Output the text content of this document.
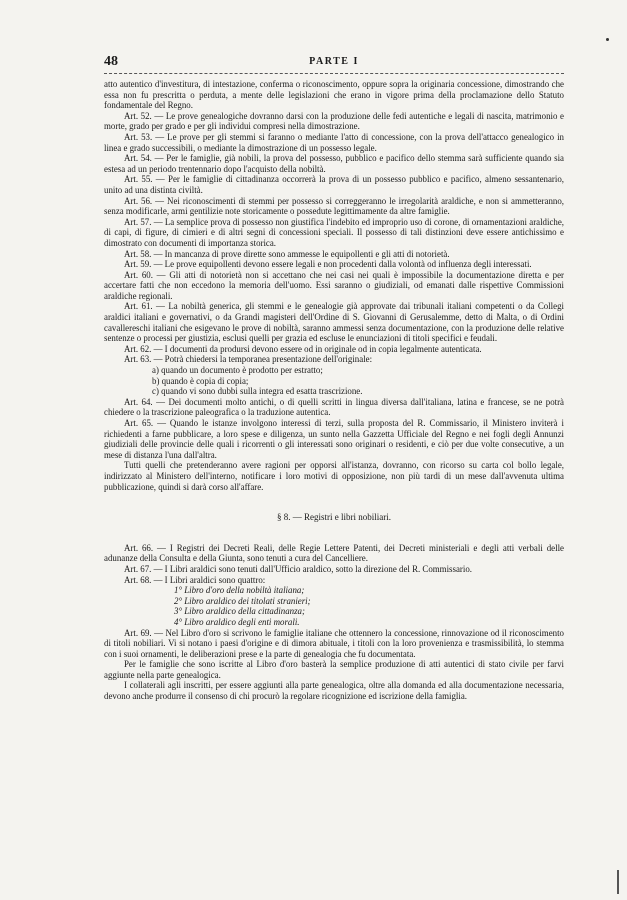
48	PARTE I

atto autentico d'investitura, di intestazione, conferma o riconoscimento, oppure sopra la originaria concessione, dimostrando che essa non fu prescritta o perduta, a mente delle legislazioni che erano in vigore prima della proclamazione dello Statuto fondamentale del Regno.

Art. 52. — Le prove genealogiche dovranno darsi con la produzione delle fedi autentiche e legali di nascita, matrimonio e morte, grado per grado e per gli individui compresi nella dimostrazione.

Art. 53. — Le prove per gli stemmi si faranno o mediante l'atto di concessione, con la prova dell'attacco genealogico in linea e grado successibili, o mediante la dimostrazione di un possesso legale.

Art. 54. — Per le famiglie, già nobili, la prova del possesso, pubblico e pacifico dello stemma sarà sufficiente quando sia estesa ad un periodo trentennario dopo l'acquisto della nobiltà.

Art. 55. — Per le famiglie di cittadinanza occorrerà la prova di un possesso pubblico e pacifico, almeno sessantenario, unito ad una distinta civiltà.

Art. 56. — Nei riconoscimenti di stemmi per possesso si correggeranno le irregolarità araldiche, e non si ammetteranno, senza modificarle, armi gentilizie note storicamente o possedute legittimamente da altre famiglie.

Art. 57. — La semplice prova di possesso non giustifica l'indebito ed improprio uso di corone, di ornamentazioni araldiche, di capi, di figure, di cimieri e di altri segni di concessioni speciali. Il possesso di tali distinzioni deve essere antichissimo e dimostrato con documenti di importanza storica.

Art. 58. — In mancanza di prove dirette sono ammesse le equipollenti e gli atti di notorietà.

Art. 59. — Le prove equipollenti devono essere legali e non procedenti dalla volontà od influenza degli interessati.

Art. 60. — Gli atti di notorietà non si accettano che nei casi nei quali è impossibile la documentazione diretta e per accertare fatti che non eccedono la memoria dell'uomo. Essi saranno o giudiziali, od emanati dalle rispettive Commissioni araldiche regionali.

Art. 61. — La nobiltà generica, gli stemmi e le genealogie già approvate dai tribunali italiani competenti o da Collegi araldici italiani e governativi, o da Grandi magisteri dell'Ordine di S. Giovanni di Gerusalemme, detto di Malta, o di Ordini cavallereschi italiani che esigevano le prove di nobiltà, saranno ammessi senza documentazione, con la produzione delle relative sentenze o processi per giustizia, esclusi quelli per grazia ed escluse le enunciazioni di titoli specifici e feudali.

Art. 62. — I documenti da prodursi devono essere od in originale od in copia legalmente autenticata.

Art. 63. — Potrà chiedersi la temporanea presentazione dell'originale:

a) quando un documento è prodotto per estratto;
b) quando è copia di copia;
c) quando vi sono dubbi sulla integra ed esatta trascrizione.

Art. 64. — Dei documenti molto antichi, o di quelli scritti in lingua diversa dall'italiana, latina e francese, se ne potrà chiedere o la trascrizione paleografica o la traduzione autentica.

Art. 65. — Quando le istanze involgono interessi di terzi, sulla proposta del R. Commissario, il Ministero inviterà i richiedenti a farne pubblicare, a loro spese e diligenza, un sunto nella Gazzetta Ufficiale del Regno e nei fogli degli Annunzi giudiziali delle provincie delle quali i ricorrenti o gli interessati sono originari o residenti, e ciò per due volte consecutive, a un mese di distanza l'una dall'altra.

Tutti quelli che pretenderanno avere ragioni per opporsi all'istanza, dovranno, con ricorso su carta col bollo legale, indirizzato al Ministero dell'interno, notificare i loro motivi di opposizione, non più tardi di un mese dall'avvenuta ultima pubblicazione, quindi si darà corso all'affare.

§ 8. — Registri e libri nobiliari.

Art. 66. — I Registri dei Decreti Reali, delle Regie Lettere Patenti, dei Decreti ministeriali e degli atti verbali delle adunanze della Consulta e della Giunta, sono tenuti a cura del Cancelliere.

Art. 67. — I Libri araldici sono tenuti dall'Ufficio araldico, sotto la direzione del R. Commissario.

Art. 68. — I Libri araldici sono quattro:

1° Libro d'oro della nobiltà italiana;
2° Libro araldico dei titolati stranieri;
3° Libro araldico della cittadinanza;
4° Libro araldico degli enti morali.

Art. 69. — Nel Libro d'oro si scrivono le famiglie italiane che ottennero la concessione, rinnovazione od il riconoscimento di titoli nobiliari. Vi si notano i paesi d'origine e di dimora abituale, i titoli con la loro provenienza e trasmissibilità, lo stemma con i suoi ornamenti, le deliberazioni prese e la parte di genealogia che fu documentata.

Per le famiglie che sono iscritte al Libro d'oro basterà la semplice produzione di atti autentici di stato civile per farvi aggiunte nella parte genealogica.

I collaterali agli inscritti, per essere aggiunti alla parte genealogica, oltre alla domanda ed alla documentazione necessaria, devono anche produrre il consenso di chi procurò la regolare ricognizione ed iscrizione della famiglia.
